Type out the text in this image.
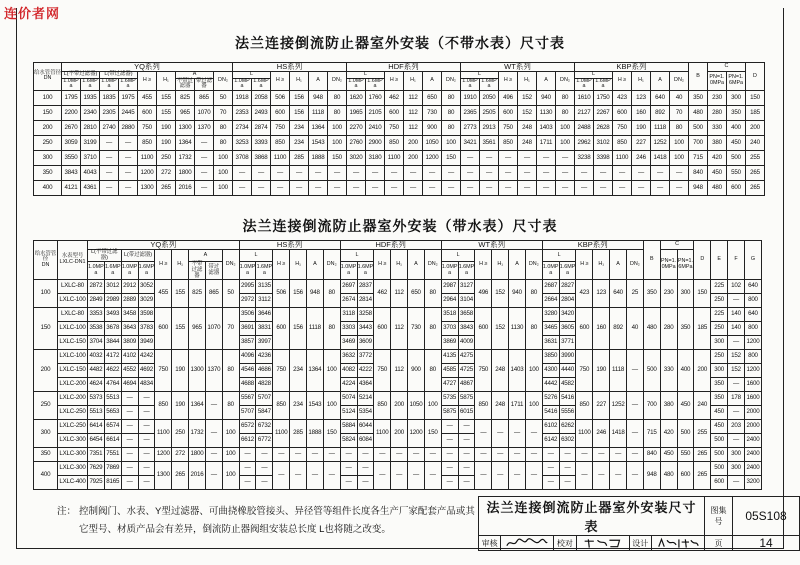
连价者网
法兰连接倒流防止器室外安装（不带水表）尺寸表
给水管管径
DN	YQ系列									HS系列						HDF系列						WT系列						KBP系列						B	C		D
	L(不带过滤器)		L(带过滤器)		H ≥	H₁	A		DN₂	L		H ≥	H₁	A	DN₂	L		H ≥	H₁	A	DN₂	L		H ≥	H₁	A	DN₂	L		H ≥	H₁	A	DN₂		PN=1.0MPa	PN=1.6MPa	
	1.0MPa	1.6MPa	1.0MPa	1.6MPa			不带过滤器	带过滤器		1.0MPa	1.6MPa					1.0MPa	1.6MPa					1.0MPa	1.6MPa					1.0MPa	1.6MPa								
100	1795	1935	1835	1975	455	155	825	865	50	1918	2058	506	156	948	80	1620	1760	462	112	650	80	1910	2050	496	152	940	80	1610	1750	423	123	640	40	350	230	300	150
150	2200	2340	2305	2445	600	155	965	1070	70	2353	2493	600	156	1118	80	1965	2105	600	112	730	80	2365	2505	600	152	1130	80	2127	2267	600	160	892	70	480	280	350	185
200	2670	2810	2740	2880	750	190	1300	1370	80	2734	2874	750	234	1364	100	2270	2410	750	112	900	80	2773	2913	750	248	1403	100	2488	2628	750	190	1118	80	500	330	400	200
250	3059	3199	—	—	850	190	1364	—	80	3253	3393	850	234	1543	100	2760	2900	850	200	1050	100	3421	3561	850	248	1711	100	2962	3102	850	227	1252	100	700	380	450	240
300	3550	3710	—	—	1100	250	1732	—	100	3708	3868	1100	285	1888	150	3020	3180	1100	200	1200	150	—	—	—	—	—	—	3238	3398	1100	246	1418	100	715	420	500	255
350	3843	4043	—	—	1200	272	1800	—	100	—	—	—	—	—	—	—	—	—	—	—	—	—	—	—	—	—	—	—	—	—	—	—	—	840	450	550	265
400	4121	4361	—	—	1300	265	2016	—	100	—	—	—	—	—	—	—	—	—	—	—	—	—	—	—	—	—	—	—	—	—	—	—	—	948	480	600	265
法兰连接倒流防止器室外安装（带水表）尺寸表
给水管管径
DN	水表型号
LXLC-DN1	YQ系列									HS系列						HDF系列						WT系列						KBP系列						B	C		D	E	F	G
		L(不带过滤器)		L(带过滤器)		H ≥	H₁	A		DN₂	L		H ≥	H₁	A	DN₂	L		H ≥	H₁	A	DN₂	L		H ≥	H₁	A	DN₂	L		H ≥	H₁	A	DN₂		PN=1.0MPa	PN=1.6MPa				
		1.0MPa	1.6MPa	1.0MPa	1.6MPa			不带过滤器	带过滤器		1.0MPa	1.6MPa					1.0MPa	1.6MPa					1.0MPa	1.6MPa					1.0MPa	1.6MPa											
100	LXLC-80	2872	3012	2912	3052	455	155	825	865	50	2995	3135	506	156	948	80	2697	2837	462	112	650	80	2987	3127	496	152	940	80	2687	2827	423	123	640	25	350	230	300	150	225	102	640
	LXLC-100	2849	2989	2889	3029						2972	3112					2674	2814					2964	3104					2664	2804									250	—	800
150	LXLC-80	3353	3493	3458	3598	600	155	965	1070	70	3506	3646	600	156	1118	80	3118	3258	600	112	730	80	3518	3658	600	152	1130	80	3280	3420	600	160	892	40	480	280	350	185	225	140	640
	LXLC-100	3538	3678	3643	3783						3691	3831					3303	3443					3703	3843					3465	3605									250	140	800
	LXLC-150	3704	3844	3809	3949						3857	3997					3469	3609					3869	4009					3631	3771									300	—	1200
200	LXLC-100	4032	4172	4102	4242	750	190	1300	1370	80	4096	4236	750	234	1364	100	3632	3772	750	112	900	80	4135	4275	750	248	1403	100	3850	3990	750	190	1118	—	500	330	400	200	250	152	800
	LXLC-150	4482	4622	4552	4692						4546	4686					4082	4222					4585	4725					4300	4440									300	152	1200
	LXLC-200	4624	4764	4694	4834						4688	4828					4224	4364					4727	4867					4442	4582									350	—	1600
250	LXLC-200	5373	5513	—	—	850	190	1364	—	80	5567	5707	850	234	1543	100	5074	5214	850	200	1050	100	5735	5875	850	248	1711	100	5276	5416	850	227	1252	—	700	380	450	240	350	178	1600
	LXLC-250	5513	5653	—	—						5707	5847					5124	5354					5875	6015					5416	5556									450	—	2000
300	LXLC-250	6414	6574	—	—	1100	250	1732	—	100	6572	6732	1100	285	1888	150	5884	6044	1100	200	1200	150	—	—	—	—	—	—	6102	6262	1100	246	1418	—	715	420	500	255	450	203	2000
	LXLC-300	6454	6614	—	—						6612	6772					5824	6084					—	—					6142	6302									500	—	2400
350	LXLC-300	7351	7551	—	—	1200	272	1800	—	100	—	—	—	—	—	—	—	—	—	—	—	—	—	—	—	—	—	—	—	—	—	—	—	—	840	450	550	265	500	300	2400
400	LXLC-300	7629	7869	—	—	1300	265	2016	—	100	—	—	—	—	—	—	—	—	—	—	—	—	—	—	—	—	—	—	—	—	—	—	—	—	948	480	600	265	500	300	2400
	LXLC-400	7925	8165	—	—						—	—					—	—					—	—					—	—									600	—	3200
注： 控制阀门、水表、Y型过滤器、可曲挠橡胶管接头、异径管等组件长度各生产厂家配套产品或其它型号、材质产品会有差异，倒流防止器阀组安装总长度 L也将随之改变。
法兰连接倒流防止器室外安装尺寸表						图集号	05S108
审核		校对		设计		页	14
